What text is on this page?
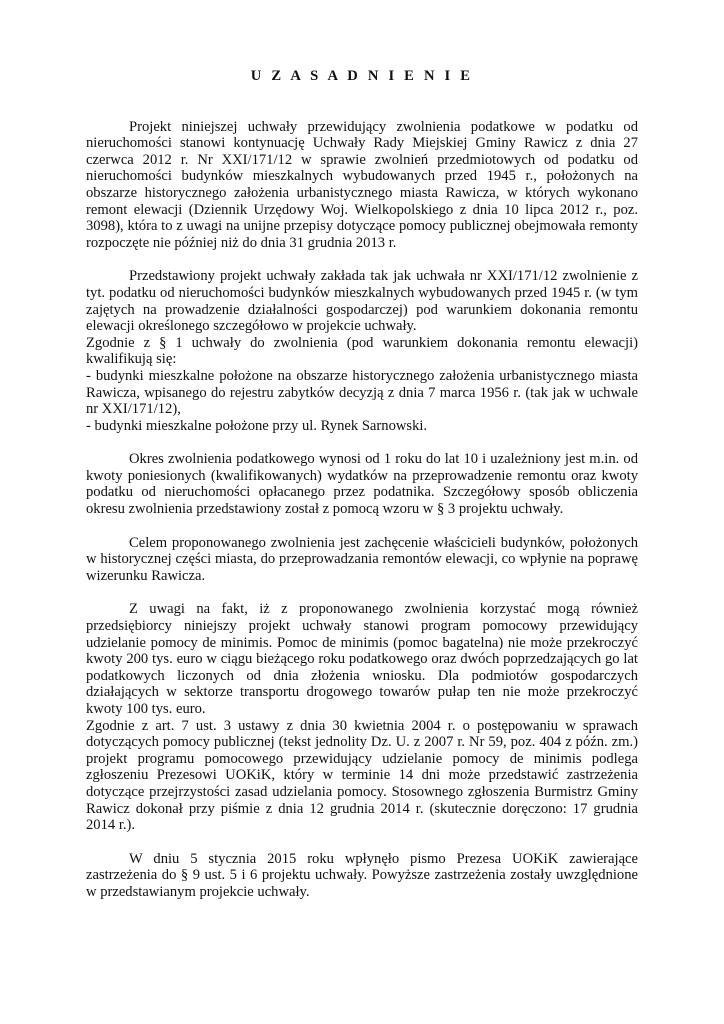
U Z A S A D N I E N I E

Projekt niniejszej uchwały przewidujący zwolnienia podatkowe w podatku od nieruchomości stanowi kontynuację Uchwały Rady Miejskiej Gminy Rawicz z dnia 27 czerwca 2012 r. Nr XXI/171/12 w sprawie zwolnień przedmiotowych od podatku od nieruchomości budynków mieszkalnych wybudowanych przed 1945 r., położonych na obszarze historycznego założenia urbanistycznego miasta Rawicza, w których wykonano remont elewacji (Dziennik Urzędowy Woj. Wielkopolskiego z dnia 10 lipca 2012 r., poz. 3098), która to z uwagi na unijne przepisy dotyczące pomocy publicznej obejmowała remonty rozpoczęte nie później niż do dnia 31 grudnia 2013 r.

Przedstawiony projekt uchwały zakłada tak jak uchwała nr XXI/171/12 zwolnienie z tyt. podatku od nieruchomości budynków mieszkalnych wybudowanych przed 1945 r. (w tym zajętych na prowadzenie działalności gospodarczej) pod warunkiem dokonania remontu elewacji określonego szczegółowo w projekcie uchwały.

Zgodnie z § 1 uchwały do zwolnienia (pod warunkiem dokonania remontu elewacji) kwalifikują się:

- budynki mieszkalne położone na obszarze historycznego założenia urbanistycznego miasta Rawicza, wpisanego do rejestru zabytków decyzją z dnia 7 marca 1956 r. (tak jak w uchwale nr XXI/171/12),

- budynki mieszkalne położone przy ul. Rynek Sarnowski.

Okres zwolnienia podatkowego wynosi od 1 roku do lat 10 i uzależniony jest m.in. od kwoty poniesionych (kwalifikowanych) wydatków na przeprowadzenie remontu oraz kwoty podatku od nieruchomości opłacanego przez podatnika. Szczegółowy sposób obliczenia okresu zwolnienia przedstawiony został z pomocą wzoru w § 3 projektu uchwały.

Celem proponowanego zwolnienia jest zachęcenie właścicieli budynków, położonych w historycznej części miasta, do przeprowadzania remontów elewacji, co wpłynie na poprawę wizerunku Rawicza.

Z uwagi na fakt, iż z proponowanego zwolnienia korzystać mogą również przedsiębiorcy niniejszy projekt uchwały stanowi program pomocowy przewidujący udzielanie pomocy de minimis. Pomoc de minimis (pomoc bagatelna) nie może przekroczyć kwoty 200 tys. euro w ciągu bieżącego roku podatkowego oraz dwóch poprzedzających go lat podatkowych liczonych od dnia złożenia wniosku. Dla podmiotów gospodarczych działających w sektorze transportu drogowego towarów pułap ten nie może przekroczyć kwoty 100 tys. euro.

Zgodnie z art. 7 ust. 3 ustawy z dnia 30 kwietnia 2004 r. o postępowaniu w sprawach dotyczących pomocy publicznej (tekst jednolity Dz. U. z 2007 r. Nr 59, poz. 404 z późn. zm.) projekt programu pomocowego przewidujący udzielanie pomocy de minimis podlega zgłoszeniu Prezesowi UOKiK, który w terminie 14 dni może przedstawić zastrzeżenia dotyczące przejrzystości zasad udzielania pomocy. Stosownego zgłoszenia Burmistrz Gminy Rawicz dokonał przy piśmie z dnia 12 grudnia 2014 r. (skutecznie doręczono: 17 grudnia 2014 r.).

W dniu 5 stycznia 2015 roku wpłynęło pismo Prezesa UOKiK zawierające zastrzeżenia do § 9 ust. 5 i 6 projektu uchwały. Powyższe zastrzeżenia zostały uwzględnione w przedstawianym projekcie uchwały.
